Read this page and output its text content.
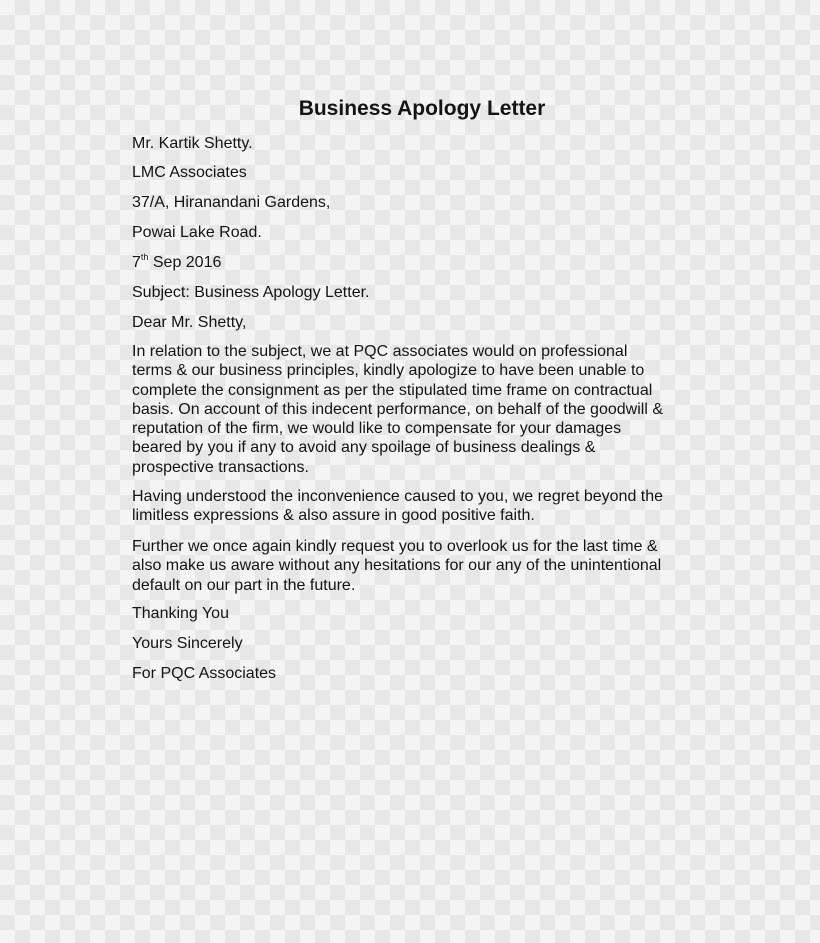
Business Apology Letter

Mr. Kartik Shetty.

LMC Associates

37/A, Hiranandani Gardens,

Powai Lake Road.

7th Sep 2016

Subject: Business Apology Letter.

Dear Mr. Shetty,

In relation to the subject, we at PQC associates would on professional
terms & our business principles, kindly apologize to have been unable to
complete the consignment as per the stipulated time frame on contractual
basis. On account of this indecent performance, on behalf of the goodwill &
reputation of the firm, we would like to compensate for your damages
beared by you if any to avoid any spoilage of business dealings &
prospective transactions.
Having understood the inconvenience caused to you, we regret beyond the
limitless expressions & also assure in good positive faith.
Further we once again kindly request you to overlook us for the last time &
also make us aware without any hesitations for our any of the unintentional
default on our part in the future.

Thanking You

Yours Sincerely

For PQC Associates
